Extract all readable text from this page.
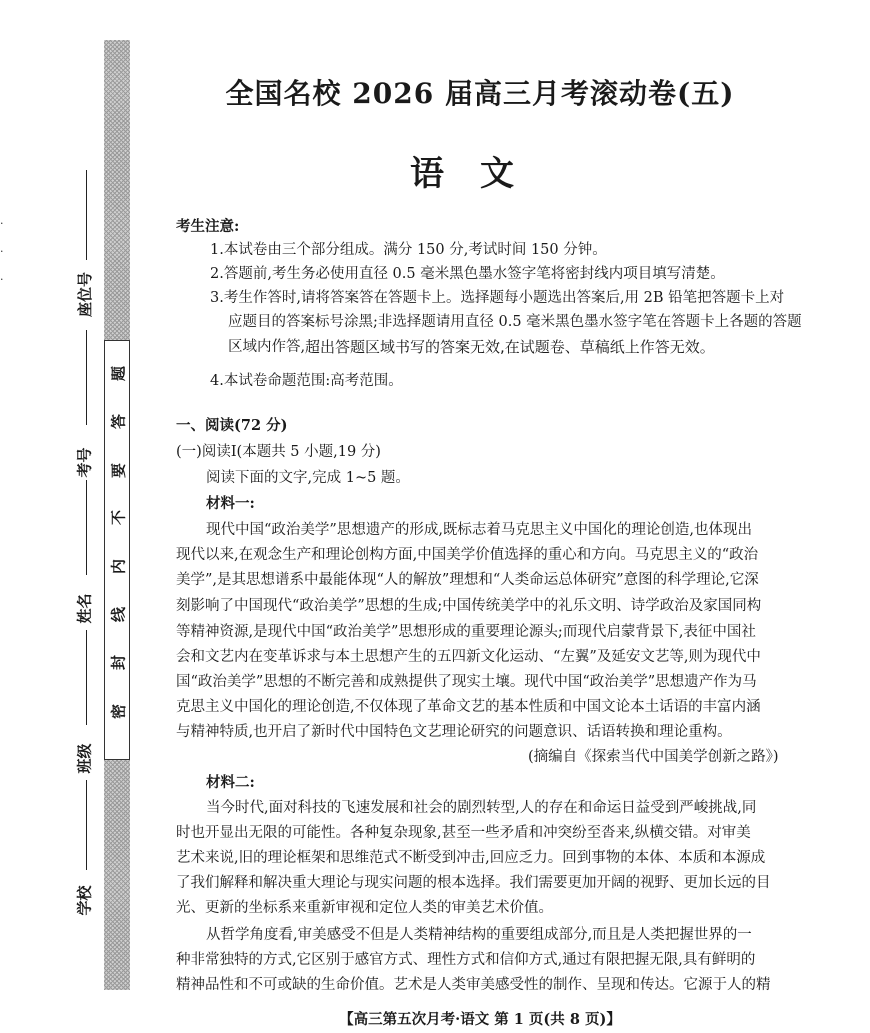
题
答
要
不
内
线
封
密
座位号
考号
姓名
班级
学校
·
·
·
全国名校 2026 届高三月考滚动卷(五)
语文
考生注意:
1.本试卷由三个部分组成。满分 150 分,考试时间 150 分钟。
2.答题前,考生务必使用直径 0.5 毫米黑色墨水签字笔将密封线内项目填写清楚。
3.考生作答时,请将答案答在答题卡上。选择题每小题选出答案后,用 2B 铅笔把答题卡上对
应题目的答案标号涂黑;非选择题请用直径 0.5 毫米黑色墨水签字笔在答题卡上各题的答题
区域内作答, 超出答题区域书写的答案无效,在试题卷、草稿纸上作答无效。
4.本试卷命题范围:高考范围。
一、阅读(72 分)
(一)阅读Ⅰ(本题共 5 小题,19 分)
阅读下面的文字,完成 1~5 题。
材料一:
现代中国“政治美学”思想遗产的形成,既标志着马克思主义中国化的理论创造,也体现出
现代以来,在观念生产和理论创构方面,中国美学价值选择的重心和方向。马克思主义的“政治
美学”,是其思想谱系中最能体现“人的解放”理想和“人类命运总体研究”意图的科学理论,它深
刻影响了中国现代“政治美学”思想的生成;中国传统美学中的礼乐文明、诗学政治及家国同构
等精神资源,是现代中国“政治美学”思想形成的重要理论源头;而现代启蒙背景下,表征中国社
会和文艺内在变革诉求与本土思想产生的五四新文化运动、“左翼”及延安文艺等,则为现代中
国“政治美学”思想的不断完善和成熟提供了现实土壤。现代中国“政治美学”思想遗产作为马
克思主义中国化的理论创造,不仅体现了革命文艺的基本性质和中国文论本土话语的丰富内涵
与精神特质,也开启了新时代中国特色文艺理论研究的问题意识、话语转换和理论重构。
(摘编自《探索当代中国美学创新之路》)
材料二:
当今时代,面对科技的飞速发展和社会的剧烈转型,人的存在和命运日益受到严峻挑战,同
时也开显出无限的可能性。各种复杂现象,甚至一些矛盾和冲突纷至沓来,纵横交错。对审美
艺术来说,旧的理论框架和思维范式不断受到冲击,回应乏力。回到事物的本体、本质和本源成
了我们解释和解决重大理论与现实问题的根本选择。我们需要更加开阔的视野、更加长远的目
光、更新的坐标系来重新审视和定位人类的审美艺术价值。
从哲学角度看,审美感受不但是人类精神结构的重要组成部分,而且是人类把握世界的一
种非常独特的方式,它区别于感官方式、理性方式和信仰方式,通过有限把握无限,具有鲜明的
精神品性和不可或缺的生命价值。艺术是人类审美感受性的制作、呈现和传达。它源于人的精
【高三第五次月考·语文 第 1 页(共 8 页)】
